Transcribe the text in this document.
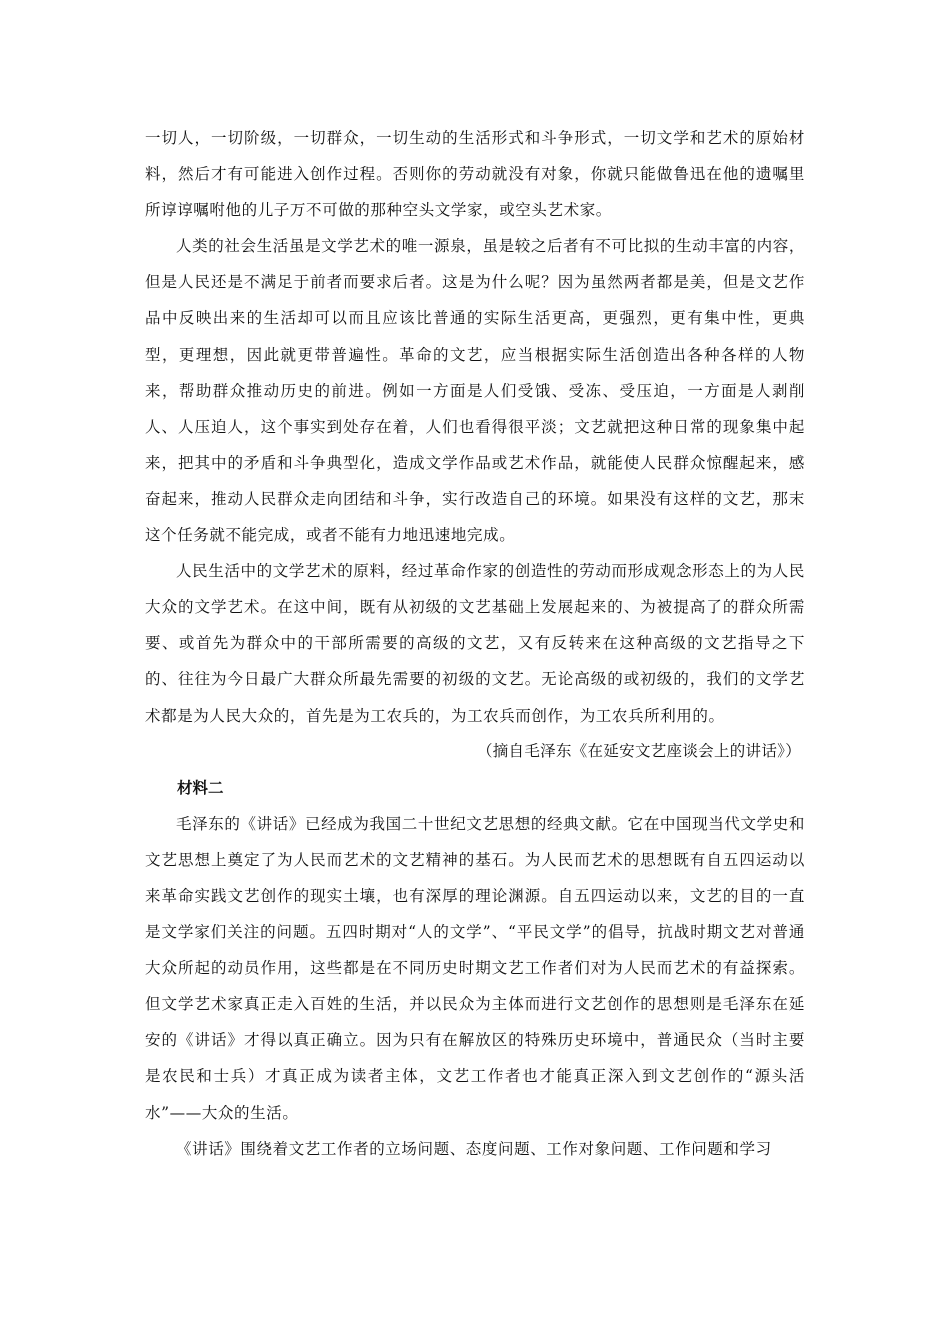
一切人，一切阶级，一切群众，一切生动的生活形式和斗争形式，一切文学和艺术的原始材料，然后才有可能进入创作过程。否则你的劳动就没有对象，你就只能做鲁迅在他的遗嘱里所谆谆嘱咐他的儿子万不可做的那种空头文学家，或空头艺术家。

人类的社会生活虽是文学艺术的唯一源泉，虽是较之后者有不可比拟的生动丰富的内容，但是人民还是不满足于前者而要求后者。这是为什么呢？因为虽然两者都是美，但是文艺作品中反映出来的生活却可以而且应该比普通的实际生活更高，更强烈，更有集中性，更典型，更理想，因此就更带普遍性。革命的文艺，应当根据实际生活创造出各种各样的人物来，帮助群众推动历史的前进。例如一方面是人们受饿、受冻、受压迫，一方面是人剥削人、人压迫人，这个事实到处存在着，人们也看得很平淡；文艺就把这种日常的现象集中起来，把其中的矛盾和斗争典型化，造成文学作品或艺术作品，就能使人民群众惊醒起来，感奋起来，推动人民群众走向团结和斗争，实行改造自己的环境。如果没有这样的文艺，那末这个任务就不能完成，或者不能有力地迅速地完成。

人民生活中的文学艺术的原料，经过革命作家的创造性的劳动而形成观念形态上的为人民大众的文学艺术。在这中间，既有从初级的文艺基础上发展起来的、为被提高了的群众所需要、或首先为群众中的干部所需要的高级的文艺，又有反转来在这种高级的文艺指导之下的、往往为今日最广大群众所最先需要的初级的文艺。无论高级的或初级的，我们的文学艺术都是为人民大众的，首先是为工农兵的，为工农兵而创作，为工农兵所利用的。

（摘自毛泽东《在延安文艺座谈会上的讲话》）

材料二

毛泽东的《讲话》已经成为我国二十世纪文艺思想的经典文献。它在中国现当代文学史和文艺思想上奠定了为人民而艺术的文艺精神的基石。为人民而艺术的思想既有自五四运动以来革命实践文艺创作的现实土壤，也有深厚的理论渊源。自五四运动以来，文艺的目的一直是文学家们关注的问题。五四时期对“人的文学”、“平民文学”的倡导，抗战时期文艺对普通大众所起的动员作用，这些都是在不同历史时期文艺工作者们对为人民而艺术的有益探索。但文学艺术家真正走入百姓的生活，并以民众为主体而进行文艺创作的思想则是毛泽东在延安的《讲话》才得以真正确立。因为只有在解放区的特殊历史环境中，普通民众（当时主要是农民和士兵）才真正成为读者主体，文艺工作者也才能真正深入到文艺创作的“源头活水”——大众的生活。

《讲话》围绕着文艺工作者的立场问题、态度问题、工作对象问题、工作问题和学习
